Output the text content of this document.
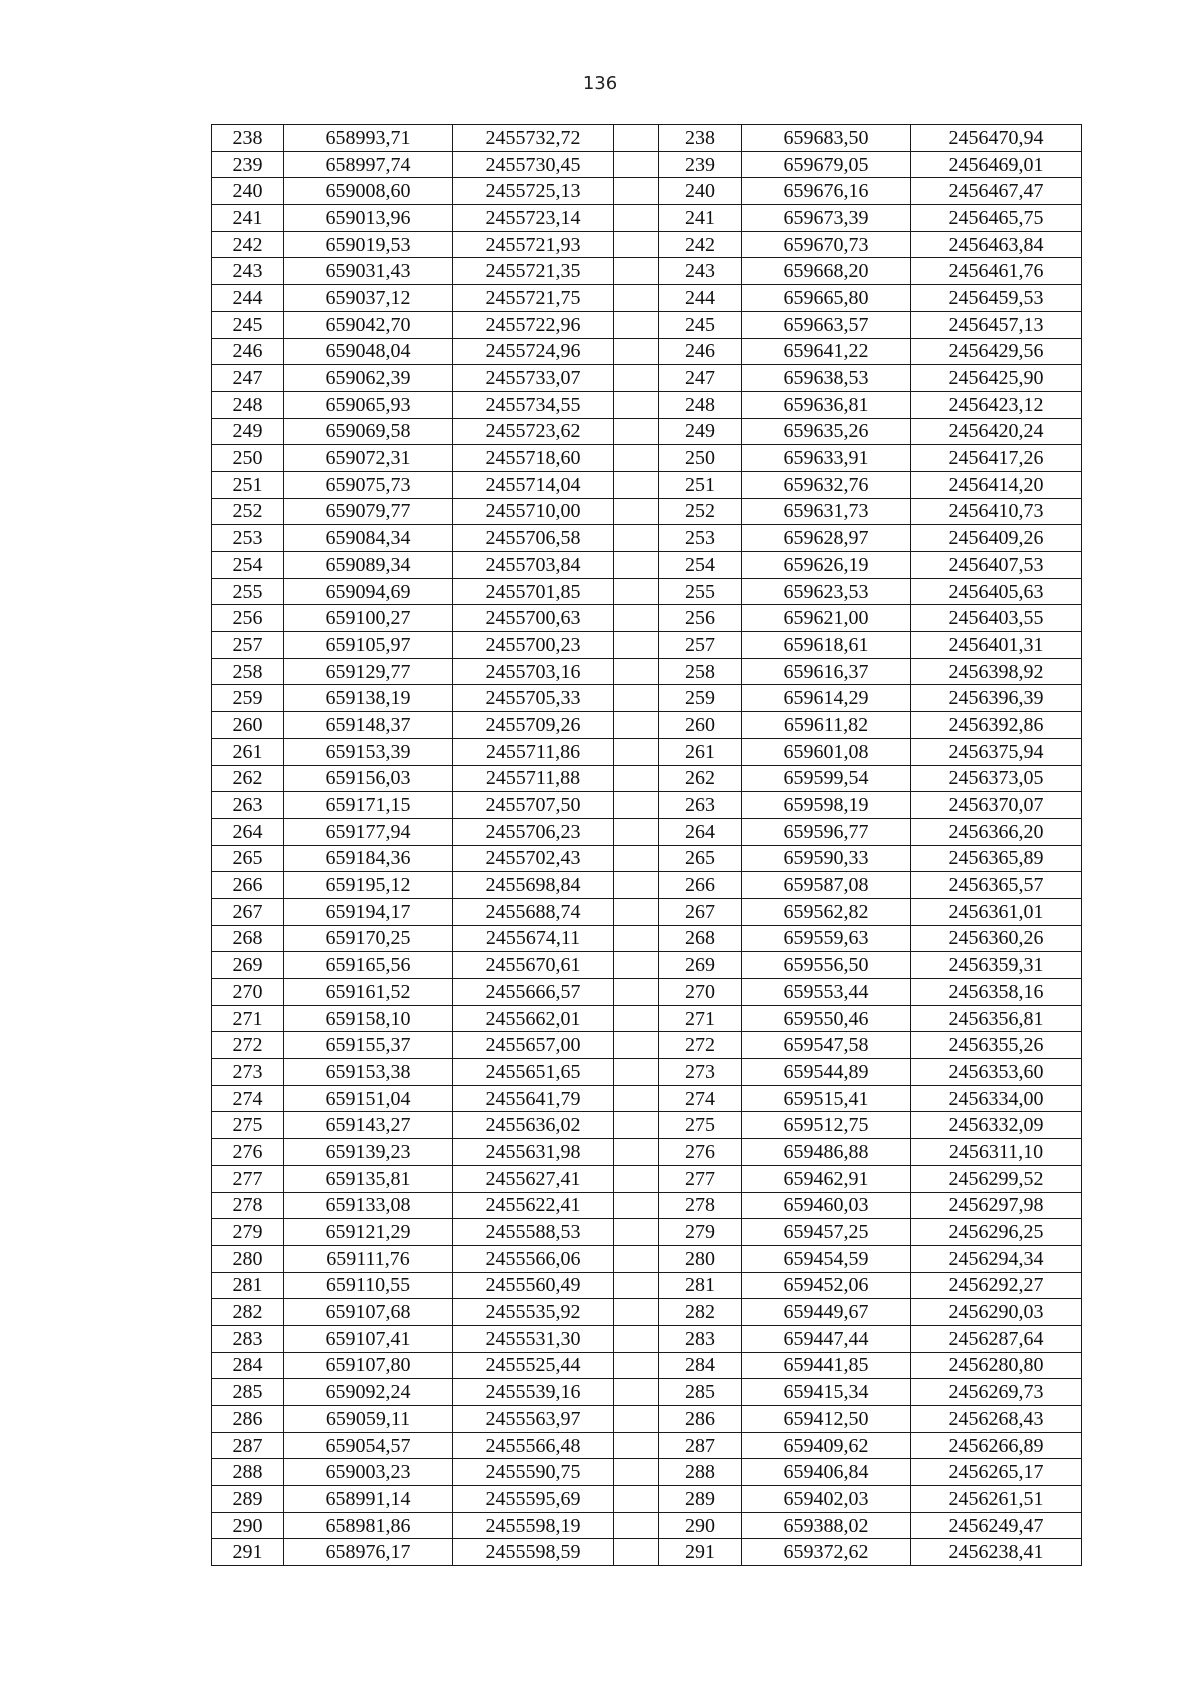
136
238	658993,71	2455732,72		238	659683,50	2456470,94
239	658997,74	2455730,45		239	659679,05	2456469,01
240	659008,60	2455725,13		240	659676,16	2456467,47
241	659013,96	2455723,14		241	659673,39	2456465,75
242	659019,53	2455721,93		242	659670,73	2456463,84
243	659031,43	2455721,35		243	659668,20	2456461,76
244	659037,12	2455721,75		244	659665,80	2456459,53
245	659042,70	2455722,96		245	659663,57	2456457,13
246	659048,04	2455724,96		246	659641,22	2456429,56
247	659062,39	2455733,07		247	659638,53	2456425,90
248	659065,93	2455734,55		248	659636,81	2456423,12
249	659069,58	2455723,62		249	659635,26	2456420,24
250	659072,31	2455718,60		250	659633,91	2456417,26
251	659075,73	2455714,04		251	659632,76	2456414,20
252	659079,77	2455710,00		252	659631,73	2456410,73
253	659084,34	2455706,58		253	659628,97	2456409,26
254	659089,34	2455703,84		254	659626,19	2456407,53
255	659094,69	2455701,85		255	659623,53	2456405,63
256	659100,27	2455700,63		256	659621,00	2456403,55
257	659105,97	2455700,23		257	659618,61	2456401,31
258	659129,77	2455703,16		258	659616,37	2456398,92
259	659138,19	2455705,33		259	659614,29	2456396,39
260	659148,37	2455709,26		260	659611,82	2456392,86
261	659153,39	2455711,86		261	659601,08	2456375,94
262	659156,03	2455711,88		262	659599,54	2456373,05
263	659171,15	2455707,50		263	659598,19	2456370,07
264	659177,94	2455706,23		264	659596,77	2456366,20
265	659184,36	2455702,43		265	659590,33	2456365,89
266	659195,12	2455698,84		266	659587,08	2456365,57
267	659194,17	2455688,74		267	659562,82	2456361,01
268	659170,25	2455674,11		268	659559,63	2456360,26
269	659165,56	2455670,61		269	659556,50	2456359,31
270	659161,52	2455666,57		270	659553,44	2456358,16
271	659158,10	2455662,01		271	659550,46	2456356,81
272	659155,37	2455657,00		272	659547,58	2456355,26
273	659153,38	2455651,65		273	659544,89	2456353,60
274	659151,04	2455641,79		274	659515,41	2456334,00
275	659143,27	2455636,02		275	659512,75	2456332,09
276	659139,23	2455631,98		276	659486,88	2456311,10
277	659135,81	2455627,41		277	659462,91	2456299,52
278	659133,08	2455622,41		278	659460,03	2456297,98
279	659121,29	2455588,53		279	659457,25	2456296,25
280	659111,76	2455566,06		280	659454,59	2456294,34
281	659110,55	2455560,49		281	659452,06	2456292,27
282	659107,68	2455535,92		282	659449,67	2456290,03
283	659107,41	2455531,30		283	659447,44	2456287,64
284	659107,80	2455525,44		284	659441,85	2456280,80
285	659092,24	2455539,16		285	659415,34	2456269,73
286	659059,11	2455563,97		286	659412,50	2456268,43
287	659054,57	2455566,48		287	659409,62	2456266,89
288	659003,23	2455590,75		288	659406,84	2456265,17
289	658991,14	2455595,69		289	659402,03	2456261,51
290	658981,86	2455598,19		290	659388,02	2456249,47
291	658976,17	2455598,59		291	659372,62	2456238,41
